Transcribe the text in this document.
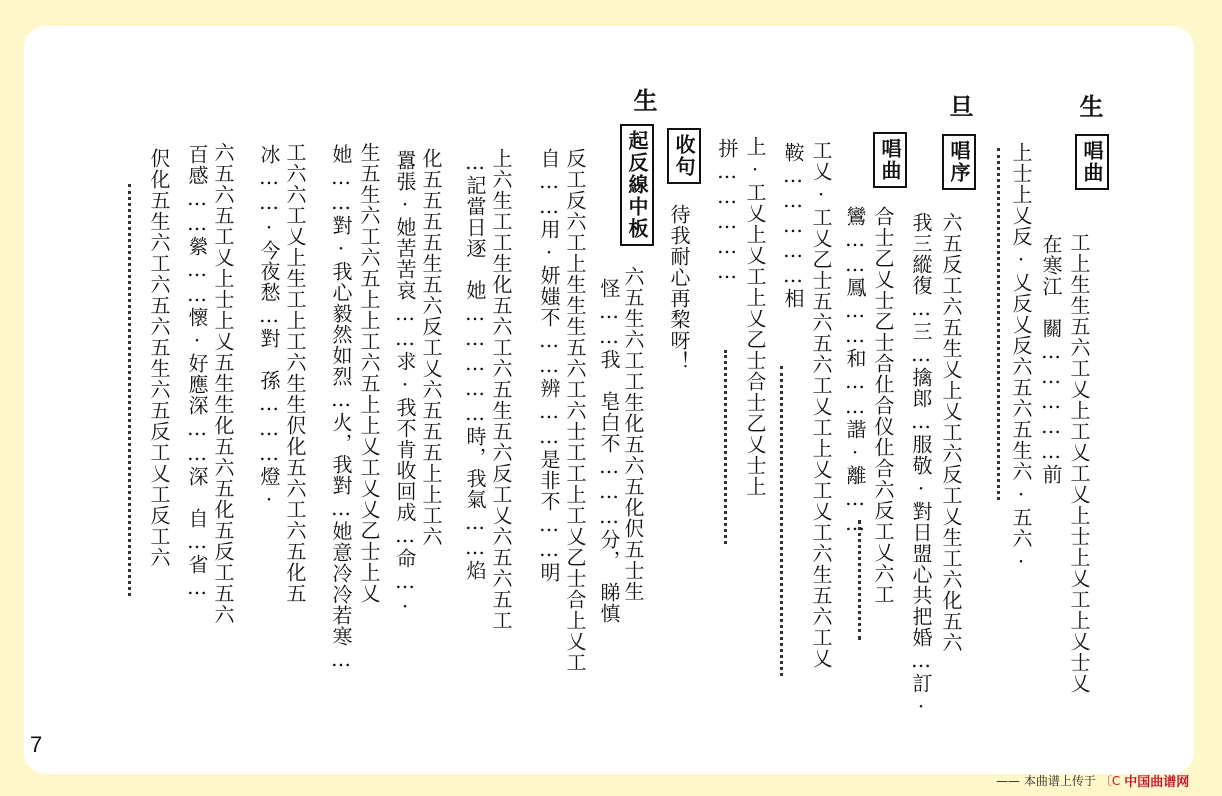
生
旦
生
唱曲
唱序
唱曲
收句
起反線中板	上士上乂反·乂反乂反六五六五生六·五六· 工上生生五六工乂上工乂工乂上士上乂工上乂士乂
在寒江　關……………前
六五反工六五生乂上乂工六反工乂生工六化五六
我三縱復…三…擒郎…服敬·對日盟心共把婚…訂·
合士乙乂士乙士合仩合仪仩合六反工乂六工
鸞……鳳……和……諧·離……
工乂·工乂乙士五六五六工乂工上乂工乂工六生五六工乂
鞍……………相
上·工乂上乂工上乂乙士合士乙乂士上
拼……………
待我耐心再棃呀！
六五生六工工生化五六五化伬五士生
怪……我　皂白不………分，　睇慎
反工反六工上生生生五六工六士工工上工乂乙士合上乂工
自……用·妍媸不……辨……是非不……明
上六生工工生化五六工六五生五六反工乂六五六五工
…記當日逐　她……………時，我氣……焰
化五五五五生五六反工乂六五五五上上工六
囂張·她苦苦哀……求·我不肯收回成…命…·
生五生六工六五上上工六五上上乂工乂乂乙士上乂
她……對·我心毅然如烈…火，我對…她意冷冷若寒…
工六六工乂上生工上工六生生伬化五六工六五化五
冰……·今夜愁…對　孫………燈·
六五六五工乂上士上乂五生生化五六五化五反工五六
百感……縈……懷·好應深……深　自…省…
伬化五生六工六五六五生六五反工乂工反工六
7
—— 本曲谱上传于 〔C 中国曲谱网
